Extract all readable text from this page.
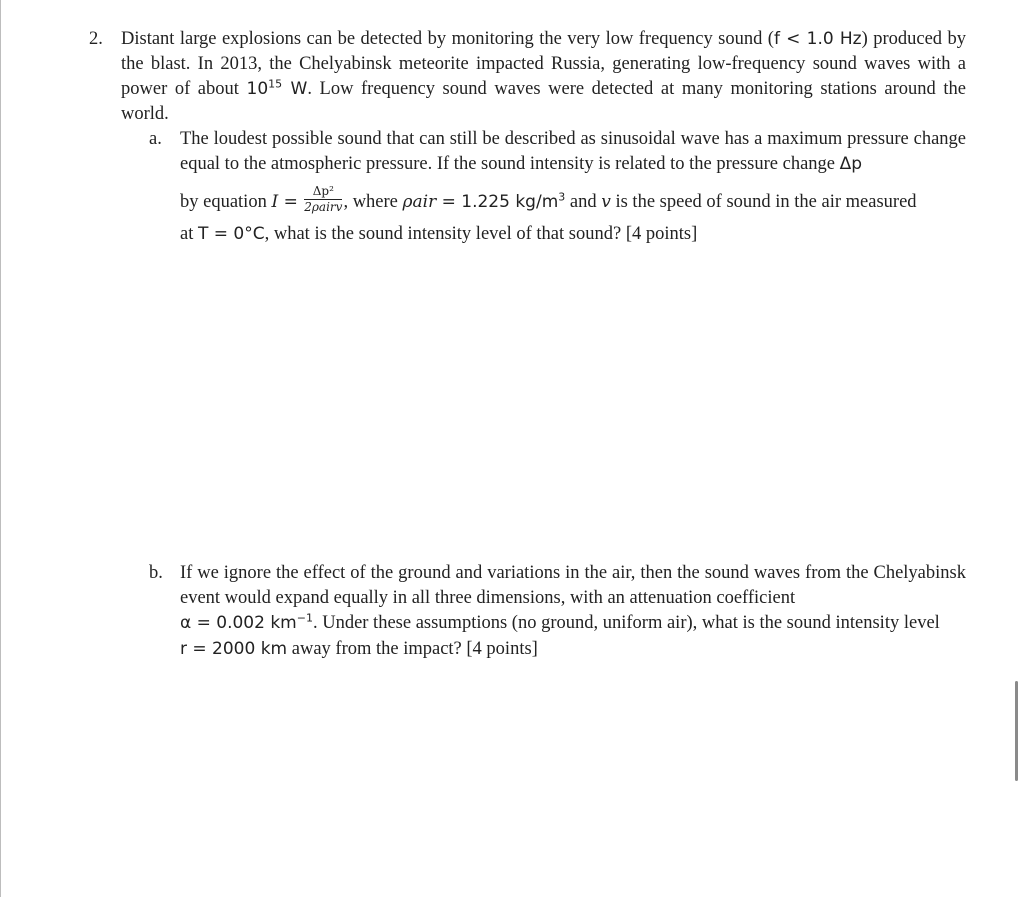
2. Distant large explosions can be detected by monitoring the very low frequency sound (f < 1.0 Hz) produced by the blast. In 2013, the Chelyabinsk meteorite impacted Russia, generating low-frequency sound waves with a power of about $10^{15}$ W. Low frequency sound waves were detected at many monitoring stations around the world.
a. The loudest possible sound that can still be described as sinusoidal wave has a maximum pressure change equal to the atmospheric pressure. If the sound intensity is related to the pressure change Δp
by equation $I = \frac{\text{Δp²}}{\text{2ρairv}}$ , where ρair = 1.225 $kg/m^3$ and v is the speed of sound in the air measured
at T = 0°C, what is the sound intensity level of that sound? [4 points]
b. If we ignore the effect of the ground and variations in the air, then the sound waves from the Chelyabinsk event would expand equally in all three dimensions, with an attenuation coefficient
α = 0.002 $km^{-1}$. Under these assumptions (no ground, uniform air), what is the sound intensity level
r = 2000 km away from the impact? [4 points]
